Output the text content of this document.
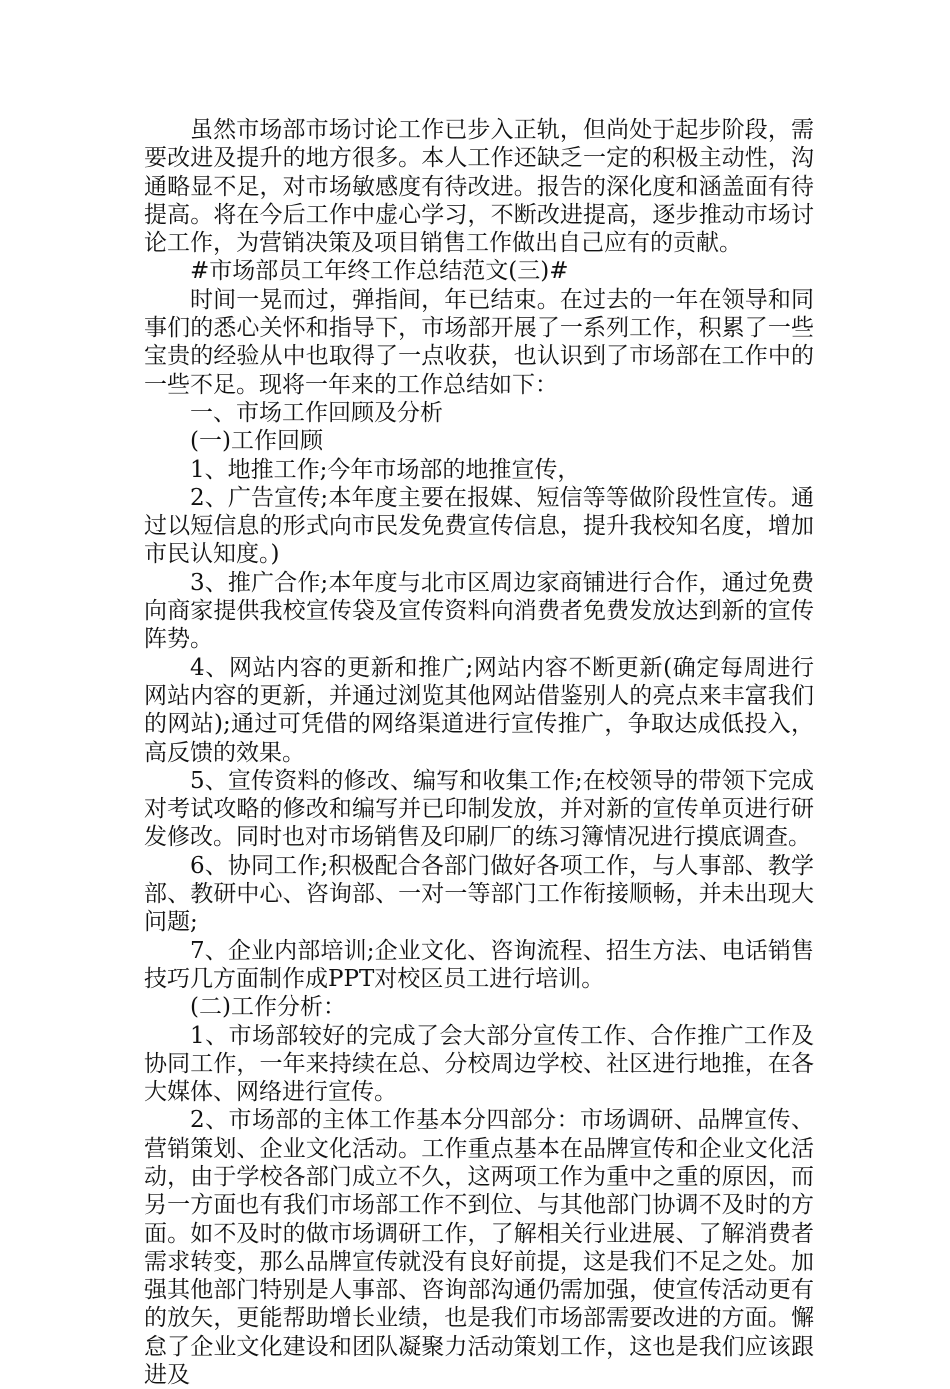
虽然市场部市场讨论工作已步入正轨，但尚处于起步阶段，需要改进及提升的地方很多。本人工作还缺乏一定的积极主动性，沟通略显不足，对市场敏感度有待改进。报告的深化度和涵盖面有待提高。将在今后工作中虚心学习，不断改进提高，逐步推动市场讨论工作，为营销决策及项目销售工作做出自己应有的贡献。

#市场部员工年终工作总结范文(三)#

时间一晃而过，弹指间，年已结束。在过去的一年在领导和同事们的悉心关怀和指导下，市场部开展了一系列工作，积累了一些宝贵的经验从中也取得了一点收获，也认识到了市场部在工作中的一些不足。现将一年来的工作总结如下：

一、市场工作回顾及分析

(一)工作回顾

1、地推工作;今年市场部的地推宣传，

2、广告宣传;本年度主要在报媒、短信等等做阶段性宣传。通过以短信息的形式向市民发免费宣传信息，提升我校知名度，增加市民认知度。)

3、推广合作;本年度与北市区周边家商铺进行合作，通过免费向商家提供我校宣传袋及宣传资料向消费者免费发放达到新的宣传阵势。

4、网站内容的更新和推广;网站内容不断更新(确定每周进行网站内容的更新，并通过浏览其他网站借鉴别人的亮点来丰富我们的网站);通过可凭借的网络渠道进行宣传推广，争取达成低投入，高反馈的效果。

5、宣传资料的修改、编写和收集工作;在校领导的带领下完成对考试攻略的修改和编写并已印制发放，并对新的宣传单页进行研发修改。同时也对市场销售及印刷厂的练习簿情况进行摸底调查。

6、协同工作;积极配合各部门做好各项工作，与人事部、教学部、教研中心、咨询部、一对一等部门工作衔接顺畅，并未出现大问题;

7、企业内部培训;企业文化、咨询流程、招生方法、电话销售技巧几方面制作成PPT对校区员工进行培训。

(二)工作分析：

1、市场部较好的完成了会大部分宣传工作、合作推广工作及协同工作，一年来持续在总、分校周边学校、社区进行地推，在各大媒体、网络进行宣传。

2、市场部的主体工作基本分四部分：市场调研、品牌宣传、营销策划、企业文化活动。工作重点基本在品牌宣传和企业文化活动，由于学校各部门成立不久，这两项工作为重中之重的原因，而另一方面也有我们市场部工作不到位、与其他部门协调不及时的方面。如不及时的做市场调研工作，了解相关行业进展、了解消费者需求转变，那么品牌宣传就没有良好前提，这是我们不足之处。加强其他部门特别是人事部、咨询部沟通仍需加强，使宣传活动更有的放矢，更能帮助增长业绩，也是我们市场部需要改进的方面。懈怠了企业文化建设和团队凝聚力活动策划工作，这也是我们应该跟进及
